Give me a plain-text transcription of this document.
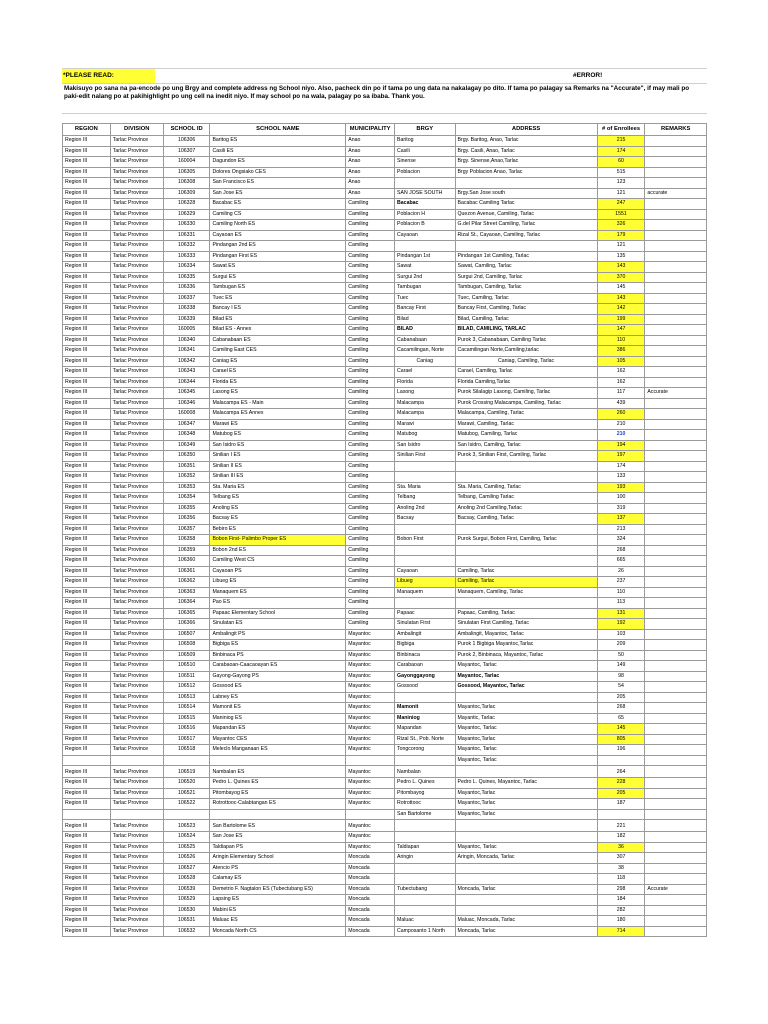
*PLEASE READ:	#ERROR!
Makisuyo po sana na pa-encode po ung Brgy and complete address ng School niyo. Also, pacheck din po if tama po ung data na nakalagay po dito. If tama po palagay sa Remarks na "Accurate", if may mali po paki-edit nalang po at pakihighlight po ung cell na inedit niyo. If may school po na wala, palagay po sa ibaba. Thank you.
REGION	DIVISION	SCHOOL ID	SCHOOL NAME	MUNICIPALITY	BRGY	ADDRESS	# of Enrollees	REMARKS
Region III	Tarlac Province	106306	Baritog ES	Anao	Baritog	Brgy. Baritog, Anao, Tarlac	215	
Region III	Tarlac Province	106307	Casili ES	Anao	Casili	Brgy. Casili, Anao, Tarlac	174	
Region III	Tarlac Province	160004	Dagundon ES	Anao	Sinense	Brgy. Sinense,Anao,Tarlac	60	
Region III	Tarlac Province	106305	Dolores Ongsiako CES	Anao	Poblacion	Brgy Poblacion Anao, Tarlac	515	
Region III	Tarlac Province	106308	San Francisco ES	Anao			123	
Region III	Tarlac Province	106309	San Jose ES	Anao	SAN JOSE SOUTH	Brgy.San Jose south	121	accurate
Region III	Tarlac Province	106328	Bacabac ES	Camiling	Bacabac	Bacabac Camiling Tarlac	247	
Region III	Tarlac Province	106329	Camiling CS	Camiling	Poblacion H	Quezon Avenue, Camiling, Tarlac	1551	
Region III	Tarlac Province	106330	Camiling North ES	Camiling	Poblacion B	G.del Pilar Street Camiling, Tarlac	326	
Region III	Tarlac Province	106331	Cayaoan ES	Camiling	Cayaoan	Rizal St., Cayaoan, Camiling, Tarlac	179	
Region III	Tarlac Province	106332	Pindangan 2nd ES	Camiling			121	
Region III	Tarlac Province	106333	Pindangan First ES	Camiling	Pindangan 1st	Pindangan 1st Camiling, Tarlac	135	
Region III	Tarlac Province	106334	Sawat ES	Camiling	Sawat	Sawat, Camiling, Tarlac	143	
Region III	Tarlac Province	106335	Surgui ES	Camiling	Surgui 2nd	Surgui 2nd, Camiling, Tarlac	370	
Region III	Tarlac Province	106336	Tambugan ES	Camiling	Tambugan	Tambugan, Camiling, Tarlac	145	
Region III	Tarlac Province	106337	Tuec ES	Camiling	Tuec	Tuec, Camiling, Tarlac	143	
Region III	Tarlac Province	106338	Bancay I ES	Camiling	Bancay First	Bancay First, Camiling, Tarlac	142	
Region III	Tarlac Province	106339	Bilad ES	Camiling	Bilad	Bilad, Camiling, Tarlac	199	
Region III	Tarlac Province	160005	Bilad ES - Annex	Camiling	BILAD	BILAD, CAMILING, TARLAC	147	
Region III	Tarlac Province	106340	Cabanabaan ES	Camiling	Cabanabaan	Purok 3, Cabanabaan, Camiling Tarlac	110	
Region III	Tarlac Province	106341	Camiling East CES	Camiling	Cacamilingan, Norte	Cacamilingan Norte,Camiling,tarlac	386	
Region III	Tarlac Province	106342	Caniag ES	Camiling	Caniag	Caniag, Camiling, Tarlac	105	
Region III	Tarlac Province	106343	Carael ES	Camiling	Carael	Carael, Camiling, Tarlac	162	
Region III	Tarlac Province	106344	Florida ES	Camiling	Florida	Florida Camiling,Tarlac	162	
Region III	Tarlac Province	106345	Lasong ES	Camiling	Lasong	Purok Silalagip Lasong, Camiling, Tarlac	117	Accurate
Region III	Tarlac Province	106346	Malacampa ES - Main	Camiling	Malacampa	Purok Crossing Malacampa, Camiling, Tarlac	439	
Region III	Tarlac Province	160008	Malacampa ES Annex	Camiling	Malacampa	Malacampa, Camiling, Tarlac	260	
Region III	Tarlac Province	106347	Marawi ES	Camiling	Marawi	Marawi, Camiling, Tarlac	210	
Region III	Tarlac Province	106348	Matubog ES	Camiling	Matubog	Matubog, Camiling, Tarlac	210	
Region III	Tarlac Province	106349	San Isidro ES	Camiling	San Isidro	San Isidro, Camiling, Tarlac	194	
Region III	Tarlac Province	106350	Sinilian I ES	Camiling	Sinilian First	Purok 3, Sinilian First, Camiling, Tarlac	197	
Region III	Tarlac Province	106351	Sinilian II ES	Camiling			174	
Region III	Tarlac Province	106352	Sinilian III ES	Camiling			133	
Region III	Tarlac Province	106353	Sta. Maria ES	Camiling	Sta. Maria	Sta. Maria, Camiling, Tarlac	193	
Region III	Tarlac Province	106354	Telbang ES	Camiling	Telbang	Telbang, Camiling Tarlac	100	
Region III	Tarlac Province	106355	Anoling ES	Camiling	Anoling 2nd	Anoling 2nd Camiling,Tarlac	319	
Region III	Tarlac Province	106356	Bacsay ES	Camiling	Bacsay	Bacsay, Camiling, Tarlac	137	
Region III	Tarlac Province	106357	Bebiro ES	Camiling			213	
Region III	Tarlac Province	106358	Bobon First- Palimbo Proper ES	Camiling	Bobon First	Purok Surgui, Bobon First, Camiling, Tarlac	324	
Region III	Tarlac Province	106359	Bobon 2nd ES	Camiling			268	
Region III	Tarlac Province	106360	Camiling West CS	Camiling			665	
Region III	Tarlac Province	106361	Cayaoan PS	Camiling	Cayaoan	Camiling, Tarlac	26	
Region III	Tarlac Province	106362	Libueg ES	Camiling	Libueg	Camiling, Tarlac	237	
Region III	Tarlac Province	106363	Manaquem ES	Camiling	Manaquem	Manaquem, Camiling, Tarlac	110	
Region III	Tarlac Province	106364	Pao ES	Camiling			113	
Region III	Tarlac Province	106365	Papaac Elementary School	Camiling	Papaac	Papaac, Camiling, Tarlac	131	
Region III	Tarlac Province	106366	Sinulatan ES	Camiling	Sinulatan First	Sinulatan First Camiling, Tarlac	192	
Region III	Tarlac Province	106507	Ambalingit PS	Mayantoc	Ambalingit	Ambalingit, Mayantoc, Tarlac	103	
Region III	Tarlac Province	106508	Bigbiga ES	Mayantoc	Bigbiga	Purok 1 Bigbiga Mayantoc,Tarlac	209	
Region III	Tarlac Province	106509	Binbinaca PS	Mayantoc	Binbinaca	Purok 2, Binbinaca, Mayantoc, Tarlac	50	
Region III	Tarlac Province	106510	Carabaoan-Caacaoayan ES	Mayantoc	Carabaoan	Mayantoc, Tarlac	149	
Region III	Tarlac Province	106511	Gayong-Gayong PS	Mayantoc	Gayonggayong	Mayantoc, Tarlac	98	
Region III	Tarlac Province	106512	Gossood ES	Mayantoc	Gossood	Gossood, Mayantoc, Tarlac	54	
Region III	Tarlac Province	106513	Labney ES	Mayantoc			205	
Region III	Tarlac Province	106514	Mamonit ES	Mayantoc	Mamonit	Mayantoc,Tarlac	268	
Region III	Tarlac Province	106515	Maniniog ES	Mayantoc	Maniniog	Mayantic, Tarlac	65	
Region III	Tarlac Province	106516	Mapandan ES	Mayantoc	Mapandan	Mayantoc, Tarlac	145	
Region III	Tarlac Province	106517	Mayantoc CES	Mayantoc	Rizal St., Pob. Norte	Mayantoc,Tarlac	805	
Region III	Tarlac Province	106518	Meleclo Manganaan ES	Mayantoc	Tongcorong	Mayantoc, Tarlac	196	
						Mayantoc, Tarlac		
Region III	Tarlac Province	106519	Nambalan ES	Mayantoc	Nambalan		264	
Region III	Tarlac Province	106520	Pedro L. Quines ES	Mayantoc	Pedro L. Quines	Pedro L. Quines, Mayantoc, Tarlac	228	
Region III	Tarlac Province	106521	Pitombayog ES	Mayantoc	Pitombayog	Mayantoc,Tarlac	205	
Region III	Tarlac Province	106522	Rotrottooc-Calabtangan ES	Mayantoc	Rotrottooc	Mayantoc,Tarlac	187	
					San Bartolome	Mayantoc,Tarlac		
Region III	Tarlac Province	106523	San Bartolome ES	Mayantoc			221	
Region III	Tarlac Province	106524	San Jose ES	Mayantoc			182	
Region III	Tarlac Province	106525	Taldiapan PS	Mayantoc	Taldiapan	Mayantoc, Tarlac	36	
Region III	Tarlac Province	106526	Aringin Elementary School	Moncada	Aringin	Aringin, Moncada, Tarlac	307	
Region III	Tarlac Province	106527	Atencio PS	Moncada			38	
Region III	Tarlac Province	106528	Calamay ES	Moncada			118	
Region III	Tarlac Province	106539	Demetrio F. Nagtalon ES (Tubectubang ES)	Moncada	Tubectubang	Moncada, Tarlac	298	Accurate
Region III	Tarlac Province	106529	Lapsing ES	Moncada			184	
Region III	Tarlac Province	106530	Mabini ES	Moncada			282	
Region III	Tarlac Province	106531	Maluac ES	Moncada	Maluac	Maluac, Moncada, Tarlac	180	
Region III	Tarlac Province	106532	Moncada North CS	Moncada	Camposanto 1 North	Moncada, Tarlac	714	
